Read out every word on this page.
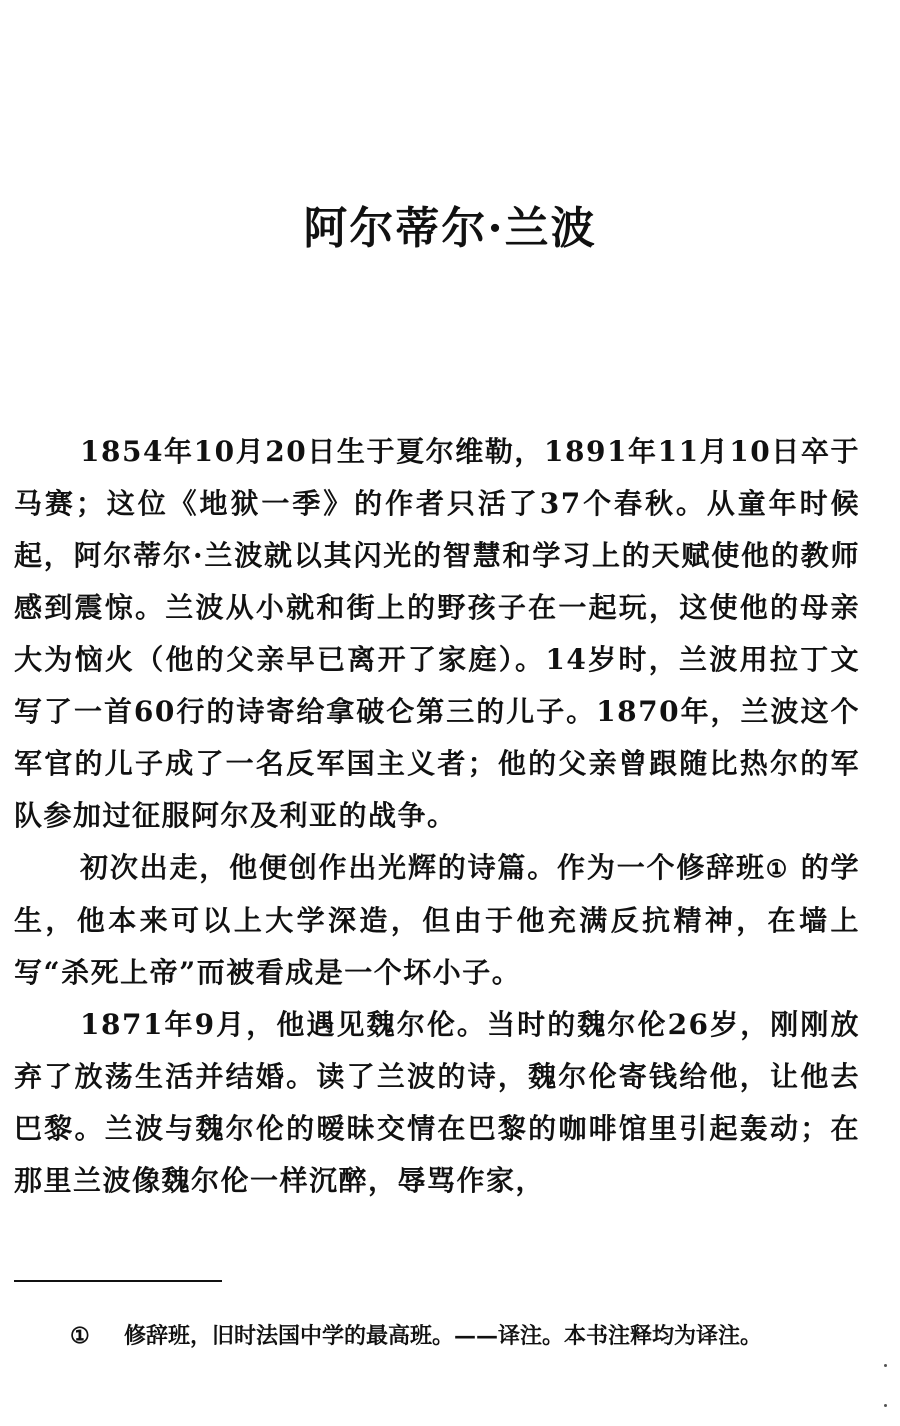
阿尔蒂尔·兰波

1854年10月20日生于夏尔维勒，1891年11月10日卒于马赛；这位《地狱一季》的作者只活了37个春秋。从童年时候起，阿尔蒂尔·兰波就以其闪光的智慧和学习上的天赋使他的教师感到震惊。兰波从小就和街上的野孩子在一起玩，这使他的母亲大为恼火（他的父亲早已离开了家庭）。14岁时，兰波用拉丁文写了一首60行的诗寄给拿破仑第三的儿子。1870年，兰波这个军官的儿子成了一名反军国主义者；他的父亲曾跟随比热尔的军队参加过征服阿尔及利亚的战争。

初次出走，他便创作出光辉的诗篇。作为一个修辞班① 的学生，他本来可以上大学深造，但由于他充满反抗精神，在墙上写“杀死上帝”而被看成是一个坏小子。

1871年9月，他遇见魏尔伦。当时的魏尔伦26岁，刚刚放弃了放荡生活并结婚。读了兰波的诗，魏尔伦寄钱给他，让他去巴黎。兰波与魏尔伦的暧昧交情在巴黎的咖啡馆里引起轰动；在那里兰波像魏尔伦一样沉醉，辱骂作家，

① 修辞班，旧时法国中学的最高班。——译注。本书注释均为译注。
